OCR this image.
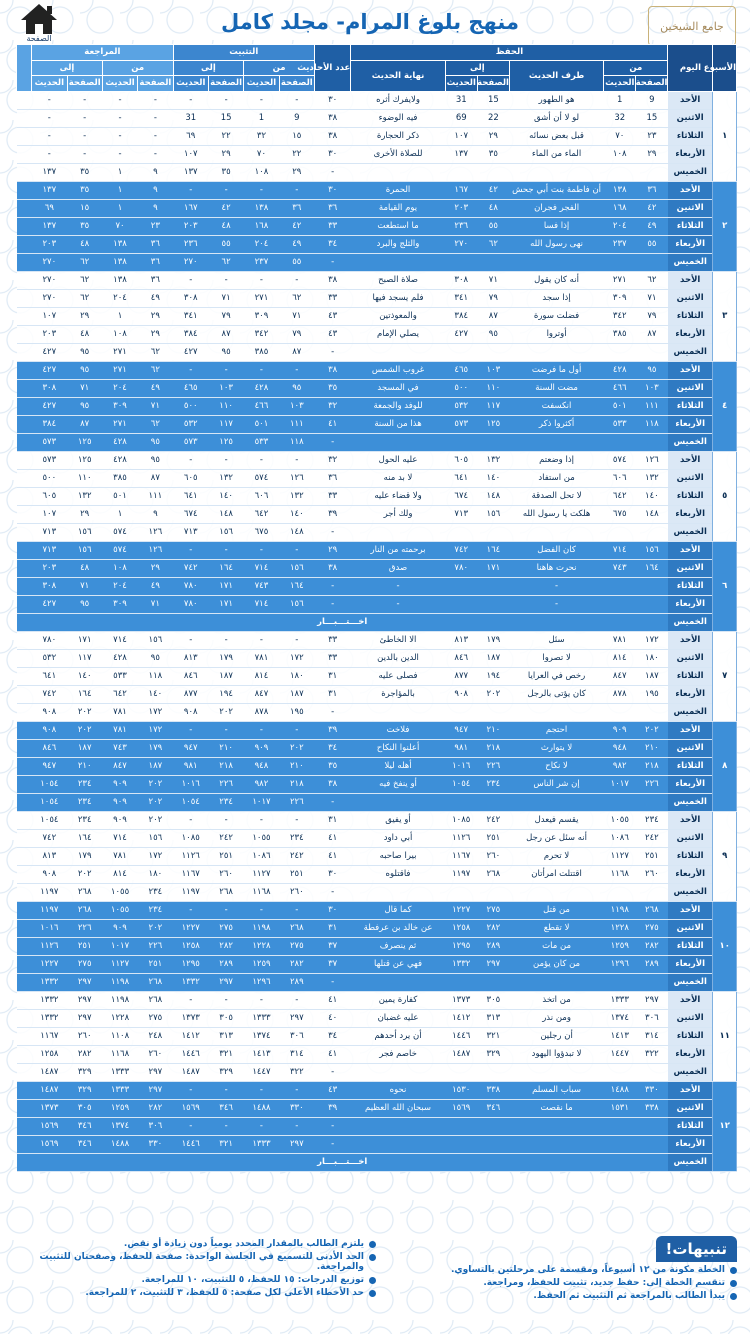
الصفحة
منهج بلوغ المرام- مجلد كامل	جامع الشيخين
الأسبوع	اليوم	الحفظ						عدد الأحاديث	التثبيت				المراجعة				
		من		طرف الحديث	إلى		نهاية الحديث		من		إلى		من		إلى		
		الصفحة	الحديث		الصفحة	الحديث			الصفحة	الحديث	الصفحة	الحديث	الصفحة	الحديث	الصفحة	الحديث	
١	الأحد	9	1	هو الطهور	15	31	ولايفرك أثره	٣٠	-	-	-	-	-	-	-	-	
	الاثنين	15	32	لو لا أن أشق	22	69	فيه الوضوء	٣٨	9	1	15	31	-	-	-	-	
	الثلاثاء	٢٣	٧٠	قبل بعض نسائه	٢٩	١٠٧	ذكر الحجارة	٣٨	١٥	٣٢	٢٢	٦٩	-	-	-	-	
	الأربعاء	٢٩	١٠٨	الماء من الماء	٣٥	١٣٧	للصلاة الأخرى	٣٠	٢٢	٧٠	٢٩	١٠٧	-	-	-	-	
	الخميس							-	٢٩	١٠٨	٣٥	١٣٧	٩	١	٣٥	١٣٧	
٢	الأحد	٣٦	١٣٨	أن فاطمة بنت أبي جحش	٤٢	١٦٧	الحمرة	٣٠	-	-	-	-	٩	١	٣٥	١٣٧	
	الاثنين	٤٢	١٦٨	الفجر فجران	٤٨	٢٠٣	يوم القيامة	٣٦	٣٦	١٣٨	٤٢	١٦٧	٩	١	١٥	٦٩	
	الثلاثاء	٤٩	٢٠٤	إذا فسا	٥٥	٢٣٦	ما استطعت	٣٣	٤٢	١٦٨	٤٨	٢٠٣	٢٣	٧٠	٣٥	١٣٧	
	الأربعاء	٥٥	٢٣٧	نهى رسول الله	٦٢	٢٧٠	والثلج والبرد	٣٤	٤٩	٢٠٤	٥٥	٢٣٦	٣٦	١٣٨	٤٨	٢٠٣	
	الخميس							-	٥٥	٢٣٧	٦٢	٢٧٠	٣٦	١٣٨	٦٢	٢٧٠	
٣	الأحد	٦٢	٢٧١	أنه كان يقول	٧١	٣٠٨	صلاة الصبح	٣٨	-	-	-	-	٣٦	١٣٨	٦٢	٢٧٠	
	الاثنين	٧١	٣٠٩	إذا سجد	٧٩	٣٤١	فلم يسجد فيها	٣٣	٦٢	٢٧١	٧١	٣٠٨	٤٩	٢٠٤	٦٢	٢٧٠	
	الثلاثاء	٧٩	٣٤٢	فضلت سورة	٨٧	٣٨٤	والمعوذتين	٤٣	٧١	٣٠٩	٧٩	٣٤١	٢٩	١	٢٩	١٠٧	
	الأربعاء	٨٧	٣٨٥	أوتروا	٩٥	٤٢٧	يصلي الإمام	٤٣	٧٩	٣٤٢	٨٧	٣٨٤	٢٩	١٠٨	٤٨	٢٠٣	
	الخميس							-	٨٧	٣٨٥	٩٥	٤٢٧	٦٢	٢٧١	٩٥	٤٢٧	
٤	الأحد	٩٥	٤٢٨	أول ما فرضت	١٠٣	٤٦٥	غروب الشمس	٣٨	-	-	-	-	٦٢	٢٧١	٩٥	٤٢٧	
	الاثنين	١٠٣	٤٦٦	مضت السنة	١١٠	٥٠٠	في المسجد	٣٥	٩٥	٤٢٨	١٠٣	٤٦٥	٤٩	٢٠٤	٧١	٣٠٨	
	الثلاثاء	١١١	٥٠١	انكسفت	١١٧	٥٣٢	للوفد والجمعة	٣٢	١٠٣	٤٦٦	١١٠	٥٠٠	٧١	٣٠٩	٩٥	٤٢٧	
	الأربعاء	١١٨	٥٣٣	أكثروا ذكر	١٢٥	٥٧٣	هذا من السنة	٤١	١١١	٥٠١	١١٧	٥٣٢	٦٢	٢٧١	٨٧	٣٨٤	
	الخميس							-	١١٨	٥٣٣	١٢٥	٥٧٣	٩٥	٤٢٨	١٢٥	٥٧٣	
٥	الأحد	١٢٦	٥٧٤	إذا وضعتم	١٣٢	٦٠٥	عليه الحول	٣٢	-	-	-	-	٩٥	٤٢٨	١٢٥	٥٧٣	
	الاثنين	١٣٢	٦٠٦	من استفاد	١٤٠	٦٤١	لا بد منه	٣٦	١٢٦	٥٧٤	١٣٢	٦٠٥	٨٧	٣٨٥	١١٠	٥٠٠	
	الثلاثاء	١٤٠	٦٤٢	لا تحل الصدقة	١٤٨	٦٧٤	ولا قضاء عليه	٣٣	١٣٢	٦٠٦	١٤٠	٦٤١	١١١	٥٠١	١٣٢	٦٠٥	
	الأربعاء	١٤٨	٦٧٥	هلكت يا رسول الله	١٥٦	٧١٣	ولك أجر	٣٩	١٤٠	٦٤٢	١٤٨	٦٧٤	٩	١	٢٩	١٠٧	
	الخميس							-	١٤٨	٦٧٥	١٥٦	٧١٣	١٢٦	٥٧٤	١٥٦	٧١٣	
٦	الأحد	١٥٦	٧١٤	كان الفضل	١٦٤	٧٤٢	برحمته من النار	٢٩	-	-	-	-	١٢٦	٥٧٤	١٥٦	٧١٣	
	الاثنين	١٦٤	٧٤٣	نحرت هاهنا	١٧١	٧٨٠	صدق	٣٨	١٥٦	٧١٤	١٦٤	٧٤٢	٢٩	١٠٨	٤٨	٢٠٣	
	الثلاثاء			-			-	-	١٦٤	٧٤٣	١٧١	٧٨٠	٤٩	٢٠٤	٧١	٣٠٨	
	الأربعاء			-			-	-	١٥٦	٧١٤	١٧١	٧٨٠	٧١	٣٠٩	٩٥	٤٢٧	
	الخميس	اخـــتـــبـــار															
٧	الأحد	١٧٢	٧٨١	سئل	١٧٩	٨١٣	الا الخاطئ	٣٣	-	-	-	-	١٥٦	٧١٤	١٧١	٧٨٠	
	الاثنين	١٨٠	٨١٤	لا تصروا	١٨٧	٨٤٦	الدين بالدين	٣٣	١٧٢	٧٨١	١٧٩	٨١٣	٩٥	٤٢٨	١١٧	٥٣٢	
	الثلاثاء	١٨٧	٨٤٧	رخص في العرايا	١٩٤	٨٧٧	فصلى عليه	٣١	١٨٠	٨١٤	١٨٧	٨٤٦	١١٨	٥٣٣	١٤٠	٦٤١	
	الأربعاء	١٩٥	٨٧٨	كان يؤتى بالرجل	٢٠٢	٩٠٨	بالمؤاجرة	٣١	١٨٧	٨٤٧	١٩٤	٨٧٧	١٤٠	٦٤٢	١٦٤	٧٤٢	
	الخميس							-	١٩٥	٨٧٨	٢٠٢	٩٠٨	١٧٢	٧٨١	٢٠٢	٩٠٨	
٨	الأحد	٢٠٢	٩٠٩	احتجم	٢١٠	٩٤٧	فلاخت	٣٩	-	-	-	-	١٧٢	٧٨١	٢٠٢	٩٠٨	
	الاثنين	٢١٠	٩٤٨	لا يتوارث	٢١٨	٩٨١	أعلنوا النكاح	٣٤	٢٠٢	٩٠٩	٢١٠	٩٤٧	١٧٩	٧٤٣	١٨٧	٨٤٦	
	الثلاثاء	٢١٨	٩٨٢	لا نكاح	٢٢٦	١٠١٦	أهله ليلا	٣٥	٢١٠	٩٤٨	٢١٨	٩٨١	١٨٧	٨٤٧	٢١٠	٩٤٧	
	الأربعاء	٢٢٦	١٠١٧	إن شر الناس	٢٣٤	١٠٥٤	أو ينفخ فيه	٣٨	٢١٨	٩٨٢	٢٢٦	١٠١٦	٢٠٢	٩٠٩	٢٣٤	١٠٥٤	
	الخميس							-	٢٢٦	١٠١٧	٢٣٤	١٠٥٤	٢٠٢	٩٠٩	٢٣٤	١٠٥٤	
٩	الأحد	٢٣٤	١٠٥٥	يقسم فيعدل	٢٤٢	١٠٨٥	أو يفيق	٣١	-	-	-	-	٢٠٢	٩٠٩	٢٣٤	١٠٥٤	
	الاثنين	٢٤٢	١٠٨٦	أنه سئل عن رجل	٢٥١	١١٢٦	أبي داود	٤١	٢٣٤	١٠٥٥	٢٤٢	١٠٨٥	١٥٦	٧١٤	١٦٤	٧٤٢	
	الثلاثاء	٢٥١	١١٢٧	لا تحرم	٢٦٠	١١٦٧	بيرا صاحبه	٤١	٢٤٢	١٠٨٦	٢٥١	١١٢٦	١٧٢	٧٨١	١٧٩	٨١٣	
	الأربعاء	٢٦٠	١١٦٨	اقتتلت امرأتان	٢٦٨	١١٩٧	فاقتلوه	٣٠	٢٥١	١١٢٧	٢٦٠	١١٦٧	١٨٠	٨١٤	٢٠٢	٩٠٨	
	الخميس							-	٢٦٠	١١٦٨	٢٦٨	١١٩٧	٢٣٤	١٠٥٥	٢٦٨	١١٩٧	
١٠	الأحد	٢٦٨	١١٩٨	من قتل	٢٧٥	١٢٢٧	كما قال	٣٠	-	-	-	-	٢٣٤	١٠٥٥	٢٦٨	١١٩٧	
	الاثنين	٢٧٥	١٢٢٨	لا تقطع	٢٨٢	١٢٥٨	عن خالد بن عرفطة	٣١	٢٦٨	١١٩٨	٢٧٥	١٢٢٧	٢٠٢	٩٠٩	٢٢٦	١٠١٦	
	الثلاثاء	٢٨٢	١٢٥٩	من مات	٢٨٩	١٢٩٥	ثم ينصرف	٣٧	٢٧٥	١٢٢٨	٢٨٢	١٢٥٨	٢٢٦	١٠١٧	٢٥١	١١٢٦	
	الأربعاء	٢٨٩	١٢٩٦	من كان يؤمن	٢٩٧	١٣٣٢	فهي عن قتلها	٣٧	٢٨٢	١٢٥٩	٢٨٩	١٢٩٥	٢٥١	١١٢٧	٢٧٥	١٢٢٧	
	الخميس							-	٢٨٩	١٢٩٦	٢٩٧	١٣٣٢	٢٦٨	١١٩٨	٢٩٧	١٣٣٢	
١١	الأحد	٢٩٧	١٣٣٣	من اتخذ	٣٠٥	١٣٧٣	كفارة يمين	٤١	-	-	-	-	٢٦٨	١١٩٨	٢٩٧	١٣٣٢	
	الاثنين	٣٠٦	١٣٧٤	ومن نذر	٣١٣	١٤١٢	عليه غضبان	٤٠	٢٩٧	١٣٣٣	٣٠٥	١٣٧٣	٢٧٥	١٢٢٨	٢٩٧	١٣٣٢	
	الثلاثاء	٣١٤	١٤١٣	أن رجلين	٣٢١	١٤٤٦	أن يرد أحدهم	٣٤	٣٠٦	١٣٧٤	٣١٣	١٤١٢	٢٤٨	١١٠٨	٢٦٠	١١٦٧	
	الأربعاء	٣٢٢	١٤٤٧	لا تبدؤوا اليهود	٣٢٩	١٤٨٧	خاصم فجر	٤١	٣١٤	١٤١٣	٣٢١	١٤٤٦	٢٦٠	١١٦٨	٢٨٢	١٢٥٨	
	الخميس							-	٣٢٢	١٤٤٧	٣٢٩	١٤٨٧	٢٩٧	١٣٣٣	٣٢٩	١٤٨٧	
١٢	الأحد	٣٣٠	١٤٨٨	سباب المسلم	٣٣٨	١٥٣٠	نحوه	٤٣	-	-	-	-	٢٩٧	١٣٣٣	٣٢٩	١٤٨٧	
	الاثنين	٣٣٨	١٥٣١	ما نقصت	٣٤٦	١٥٦٩	سبحان الله العظيم	٣٩	٣٣٠	١٤٨٨	٣٤٦	١٥٦٩	٢٨٢	١٢٥٩	٣٠٥	١٣٧٣	
	الثلاثاء							-	-	-	-	-	٣٠٦	١٣٧٤	٣٤٦	١٥٦٩	
	الأربعاء							-	٢٩٧	١٣٣٣	٣٢١	١٤٤٦	٣٣٠	١٤٨٨	٣٤٦	١٥٦٩	
	الخميس	اخـــتـــبـــار															
تنبيهات!
الخطة مكونة من ١٢ أسبوعاً، ومقسمة على مرحلتين بالتساوي.
تنقسم الخطة إلى: حفظ جديد، تثبيت للحفظ، ومراجعة.
يبدأ الطالب بالمراجعة ثم التثبيت ثم الحفظ.
يلتزم الطالب بالمقدار المحدد يومياً دون زيادة أو نقص.
الحد الأدنى للتسميع في الجلسة الواحدة: صفحة للحفظ، وصفحتان للتثبيت والمراجعة.
توزيع الدرجات: ١٥ للحفظ، ٥ للتثبيت، ١٠ للمراجعة.
حد الأخطاء الأعلى لكل صفحة: ٥ للحفظ، ٣ للتثبيت، ٢ للمراجعة.
